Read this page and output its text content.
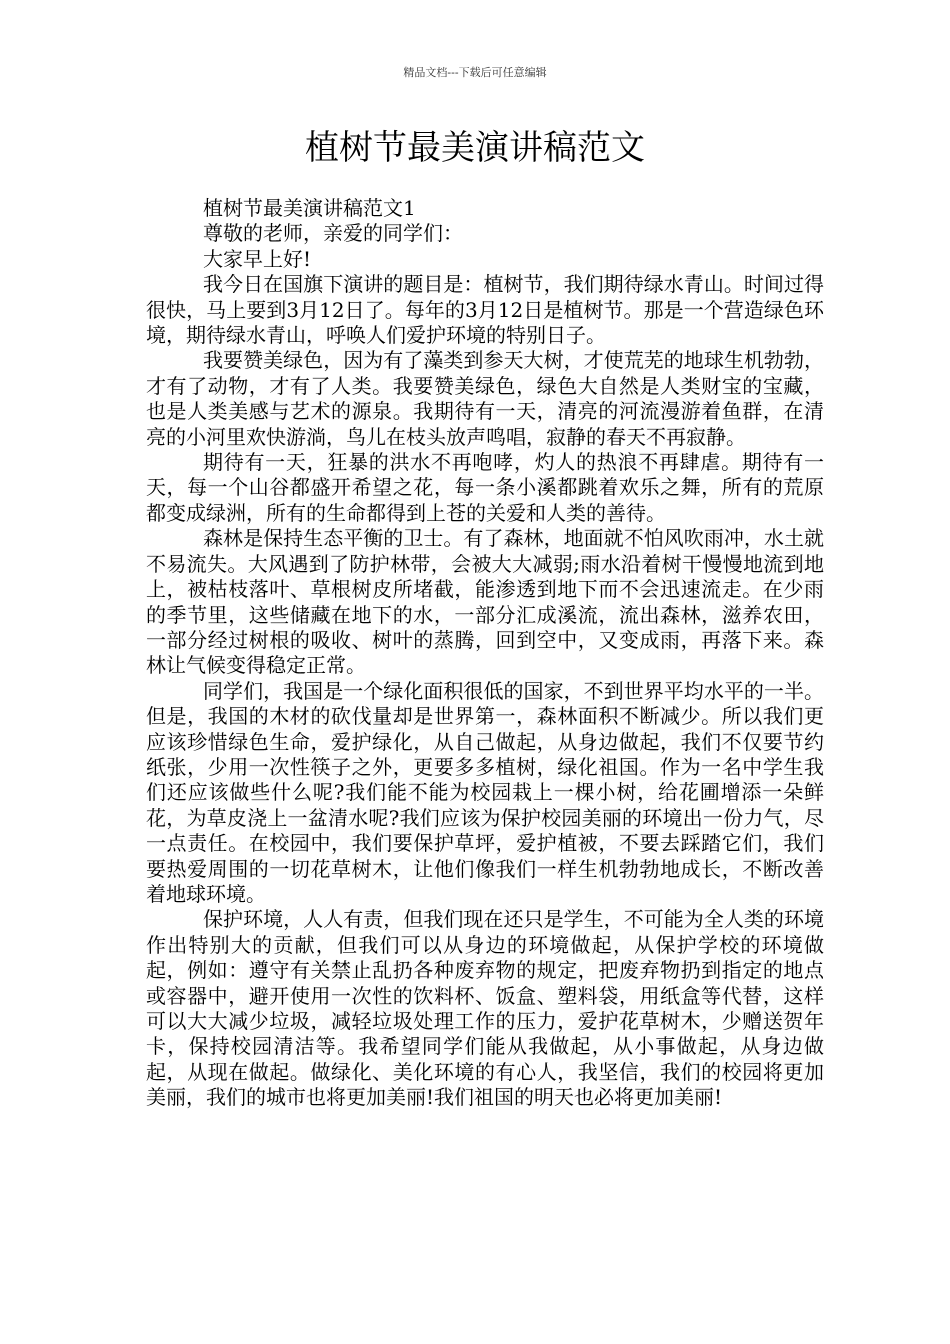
精品文档---下载后可任意编辑
植树节最美演讲稿范文

植树节最美演讲稿范文1

尊敬的老师，亲爱的同学们：

大家早上好!

我今日在国旗下演讲的题目是：植树节，我们期待绿水青山。时间过得很快，马上要到3月12日了。每年的3月12日是植树节。那是一个营造绿色环境，期待绿水青山，呼唤人们爱护环境的特别日子。

我要赞美绿色，因为有了藻类到参天大树，才使荒芜的地球生机勃勃，才有了动物，才有了人类。我要赞美绿色，绿色大自然是人类财宝的宝藏，也是人类美感与艺术的源泉。我期待有一天，清亮的河流漫游着鱼群，在清亮的小河里欢快游淌，鸟儿在枝头放声鸣唱，寂静的春天不再寂静。

期待有一天，狂暴的洪水不再咆哮，灼人的热浪不再肆虐。期待有一天，每一个山谷都盛开希望之花，每一条小溪都跳着欢乐之舞，所有的荒原都变成绿洲，所有的生命都得到上苍的关爱和人类的善待。

森林是保持生态平衡的卫士。有了森林，地面就不怕风吹雨冲，水土就不易流失。大风遇到了防护林带，会被大大减弱;雨水沿着树干慢慢地流到地上，被枯枝落叶、草根树皮所堵截，能渗透到地下而不会迅速流走。在少雨的季节里，这些储藏在地下的水，一部分汇成溪流，流出森林，滋养农田，一部分经过树根的吸收、树叶的蒸腾，回到空中，又变成雨，再落下来。森林让气候变得稳定正常。

同学们，我国是一个绿化面积很低的国家，不到世界平均水平的一半。但是，我国的木材的砍伐量却是世界第一，森林面积不断减少。所以我们更应该珍惜绿色生命，爱护绿化，从自己做起，从身边做起，我们不仅要节约纸张，少用一次性筷子之外，更要多多植树，绿化祖国。作为一名中学生我们还应该做些什么呢?我们能不能为校园栽上一棵小树，给花圃增添一朵鲜花，为草皮浇上一盆清水呢?我们应该为保护校园美丽的环境出一份力气，尽一点责任。在校园中，我们要保护草坪，爱护植被，不要去踩踏它们，我们要热爱周围的一切花草树木，让他们像我们一样生机勃勃地成长，不断改善着地球环境。

保护环境，人人有责，但我们现在还只是学生，不可能为全人类的环境作出特别大的贡献，但我们可以从身边的环境做起，从保护学校的环境做起，例如：遵守有关禁止乱扔各种废弃物的规定，把废弃物扔到指定的地点或容器中，避开使用一次性的饮料杯、饭盒、塑料袋，用纸盒等代替，这样可以大大减少垃圾，减轻垃圾处理工作的压力，爱护花草树木，少赠送贺年卡，保持校园清洁等。我希望同学们能从我做起，从小事做起，从身边做起，从现在做起。做绿化、美化环境的有心人，我坚信，我们的校园将更加美丽，我们的城市也将更加美丽!我们祖国的明天也必将更加美丽!
